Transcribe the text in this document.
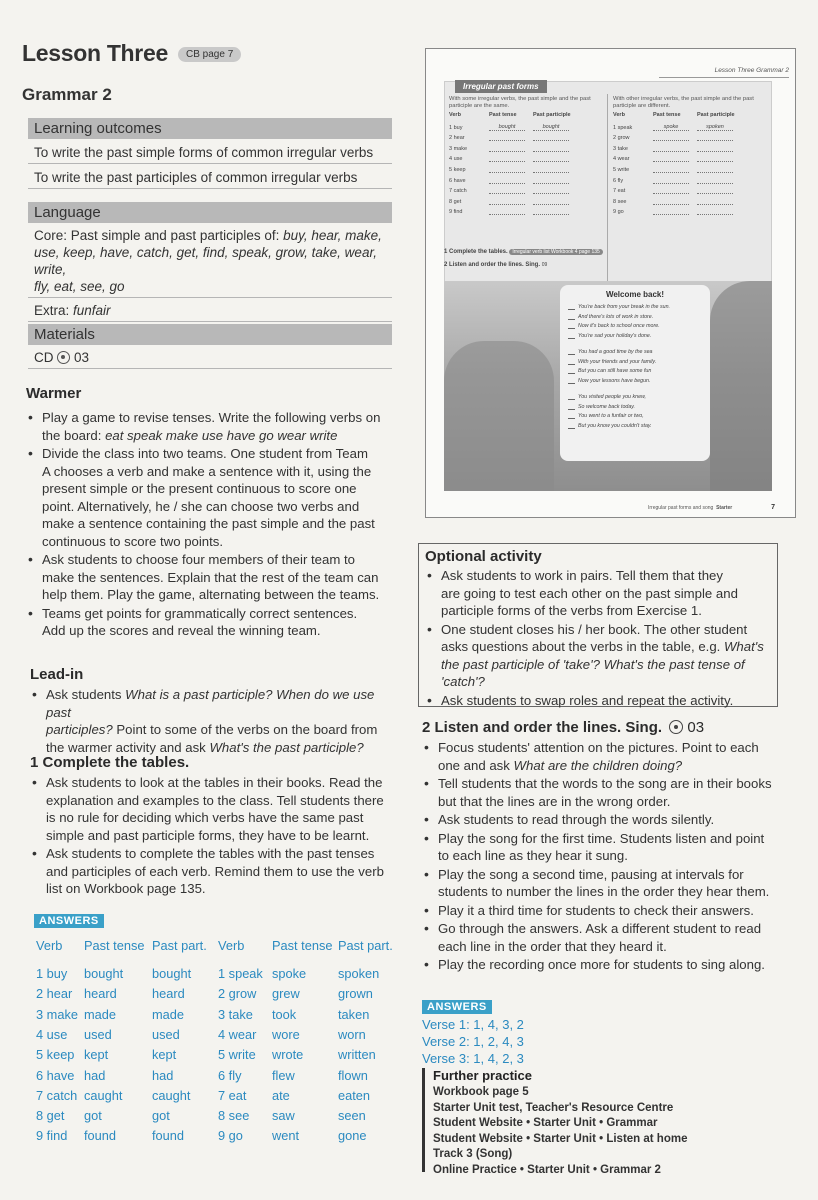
Lesson Three	CB page 7
Grammar 2
Learning outcomes
To write the past simple forms of common irregular verbs
To write the past participles of common irregular verbs
Language
Core: Past simple and past participles of: buy, hear, make,
use, keep, have, catch, get, find, speak, grow, take, wear, write,
fly, eat, see, go
Extra: funfair
Materials
CD 03
Warmer
• Play a game to revise tenses. Write the following verbs on
the board: eat speak make use have go wear write
• Divide the class into two teams. One student from Team
A chooses a verb and make a sentence with it, using the
present simple or the present continuous to score one
point. Alternatively, he / she can choose two verbs and
make a sentence containing the past simple and the past
continuous to score two points.
• Ask students to choose four members of their team to
make the sentences. Explain that the rest of the team can
help them. Play the game, alternating between the teams.
• Teams get points for grammatically correct sentences.
Add up the scores and reveal the winning team.
Lead-in
• Ask students What is a past participle? When do we use past
participles? Point to some of the verbs on the board from
the warmer activity and ask What's the past participle?
1 Complete the tables.
• Ask students to look at the tables in their books. Read the
explanation and examples to the class. Tell students there
is no rule for deciding which verbs have the same past
simple and past participle forms, they have to be learnt.
• Ask students to complete the tables with the past tenses
and participles of each verb. Remind them to use the verb
list on Workbook page 135.
ANSWERS
Verb Past tense Past part. Verb Past tense Past part.
1 buy bought bought
2 hear heard	heard
3 make made	made
4 use used	used
5 keep kept	kept
6 have had	had
7 catch caught caught
8 get got	got
9 find found	found
1 speak spoke spoken
2 grow grew	grown
3 take took	taken
4 wear wore	worn
5 write wrote	written
6 fly flew	flown
7 eat ate	eaten
8 see saw	seen
9 go went	gone
Lesson Three Grammar 2
Irregular past forms
With some irregular verbs, the past simple and the past participle are the same.
With other irregular verbs, the past simple and the past participle are different.
Verb	Past tense	Past participle
1 buy	bought	bought
2 hear
3 make
4 use
5 keep
6 have
7 catch
8 get
9 find
Verb	Past tense	Past participle
1 speak	spoke	spoken
2 grow
3 take
4 wear
5 write
6 fly
7 eat
8 see
9 go
1 Complete the tables. Irregular verb list Workbook 4 page 135
2 Listen and order the lines. Sing. 09
Welcome back!
You're back from your break in the sun.
And there's lots of work in store.
Now it's back to school once more.
You're sad your holiday's done.
You had a good time by the sea
With your friends and your family.
But you can still have some fun
Now your lessons have begun.
You visited people you knew,
So welcome back today.
You went to a funfair or two,
But you know you couldn't stay.
Irregular past forms and song Starter	7
Optional activity
• Ask students to work in pairs. Tell them that they
are going to test each other on the past simple and
participle forms of the verbs from Exercise 1.
• One student closes his / her book. The other student
asks questions about the verbs in the table, e.g. What's
the past participle of 'take'? What's the past tense of 'catch'?
• Ask students to swap roles and repeat the activity.
2 Listen and order the lines. Sing. 03
• Focus students' attention on the pictures. Point to each
one and ask What are the children doing?
• Tell students that the words to the song are in their books
but that the lines are in the wrong order.
• Ask students to read through the words silently.
• Play the song for the first time. Students listen and point
to each line as they hear it sung.
• Play the song a second time, pausing at intervals for
students to number the lines in the order they hear them.
• Play it a third time for students to check their answers.
• Go through the answers. Ask a different student to read
each line in the order that they heard it.
• Play the recording once more for students to sing along.
ANSWERS
Verse 1: 1, 4, 3, 2
Verse 2: 1, 2, 4, 3
Verse 3: 1, 4, 2, 3
Further practice
Workbook page 5
Starter Unit test, Teacher's Resource Centre
Student Website • Starter Unit • Grammar
Student Website • Starter Unit • Listen at home Track 3 (Song)
Online Practice • Starter Unit • Grammar 2
